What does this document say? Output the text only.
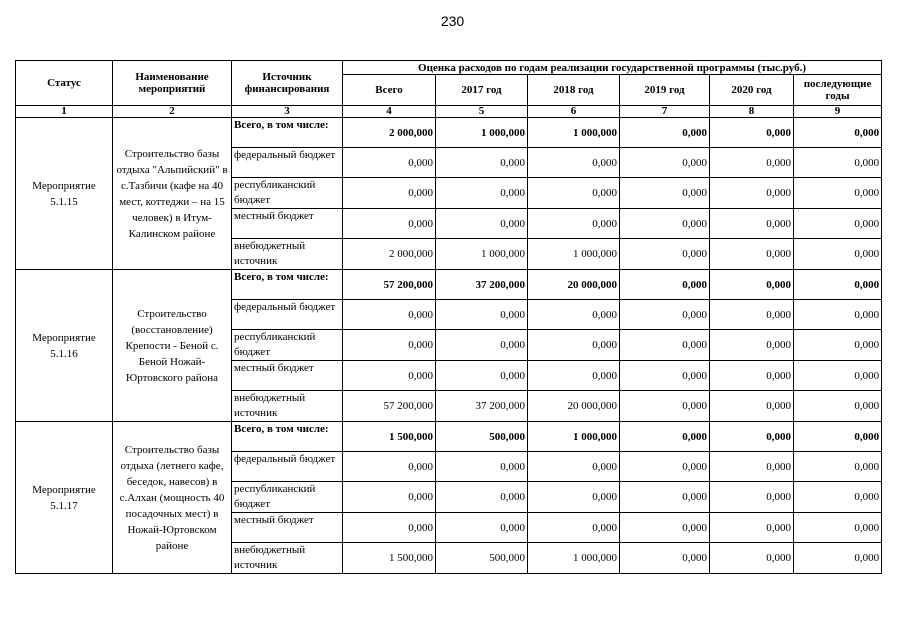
230
Статус	Наименование мероприятий	Источник финансирования	Оценка расходов по годам реализации государственной программы (тыс.руб.)					
			Всего	2017 год	2018 год	2019 год	2020 год	последующие годы
1	2	3	4	5	6	7	8	9
Мероприятие 5.1.15	Строительство базы отдыха "Альпийский" в с.Тазбичи (кафе на 40 мест, коттеджи – на 15 человек) в Итум-Калинском районе	Всего, в том числе:	2 000,000	1 000,000	1 000,000	0,000	0,000	0,000
		федеральный бюджет	0,000	0,000	0,000	0,000	0,000	0,000
		республиканский бюджет	0,000	0,000	0,000	0,000	0,000	0,000
		местный бюджет	0,000	0,000	0,000	0,000	0,000	0,000
		внебюджетный источник	2 000,000	1 000,000	1 000,000	0,000	0,000	0,000
Мероприятие 5.1.16	Строительство (восстановление) Крепости - Беной с. Беной Ножай- Юртовского района	Всего, в том числе:	57 200,000	37 200,000	20 000,000	0,000	0,000	0,000
		федеральный бюджет	0,000	0,000	0,000	0,000	0,000	0,000
		республиканский бюджет	0,000	0,000	0,000	0,000	0,000	0,000
		местный бюджет	0,000	0,000	0,000	0,000	0,000	0,000
		внебюджетный источник	57 200,000	37 200,000	20 000,000	0,000	0,000	0,000
Мероприятие 5.1.17	Строительство базы отдыха (летнего кафе, беседок, навесов) в с.Алхан (мощность 40 посадочных мест) в Ножай-Юртовском районе	Всего, в том числе:	1 500,000	500,000	1 000,000	0,000	0,000	0,000
		федеральный бюджет	0,000	0,000	0,000	0,000	0,000	0,000
		республиканский бюджет	0,000	0,000	0,000	0,000	0,000	0,000
		местный бюджет	0,000	0,000	0,000	0,000	0,000	0,000
		внебюджетный источник	1 500,000	500,000	1 000,000	0,000	0,000	0,000
